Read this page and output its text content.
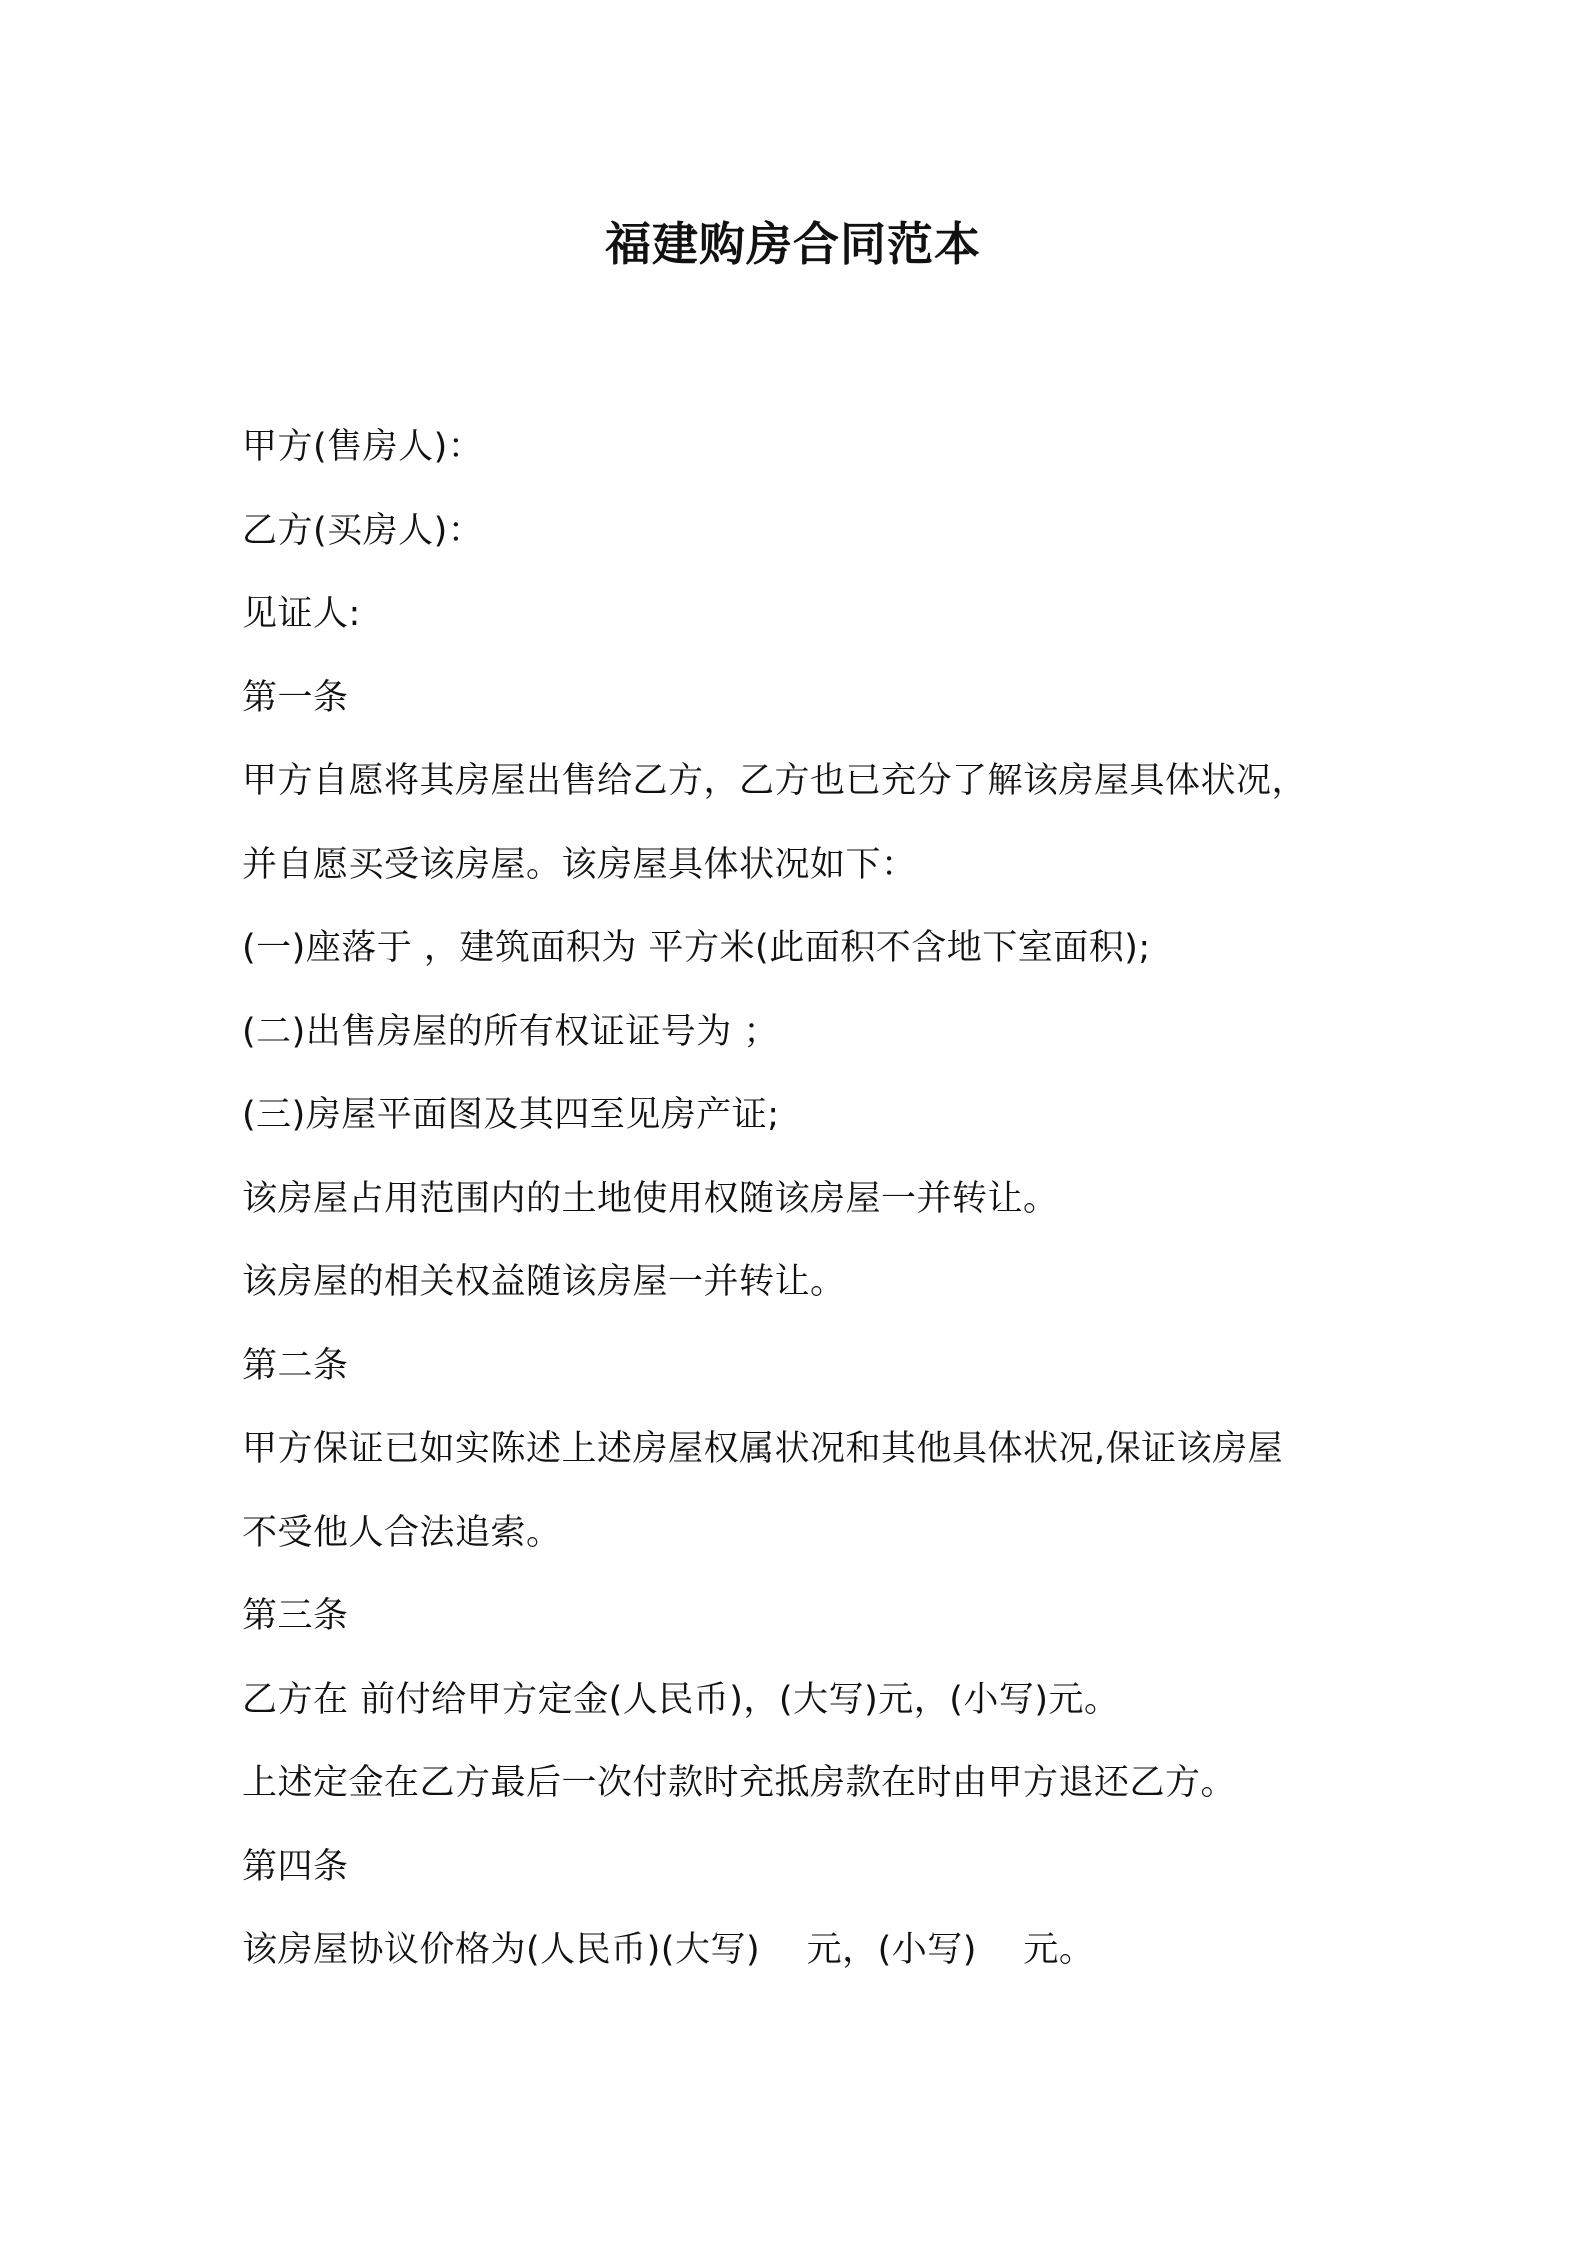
福建购房合同范本
甲方(售房人)：
乙方(买房人)：
见证人:
第一条
甲方自愿将其房屋出售给乙方，乙方也已充分了解该房屋具体状况，
并自愿买受该房屋。该房屋具体状况如下：
(一)座落于 ，建筑面积为 平方米(此面积不含地下室面积);
(二)出售房屋的所有权证证号为 ；
(三)房屋平面图及其四至见房产证;
该房屋占用范围内的土地使用权随该房屋一并转让。
该房屋的相关权益随该房屋一并转让。
第二条
甲方保证已如实陈述上述房屋权属状况和其他具体状况,保证该房屋
不受他人合法追索。
第三条
乙方在 前付给甲方定金(人民币)，(大写)元，(小写)元。
上述定金在乙方最后一次付款时充抵房款在时由甲方退还乙方。
第四条
该房屋协议价格为(人民币)(大写)    元，(小写)    元。
